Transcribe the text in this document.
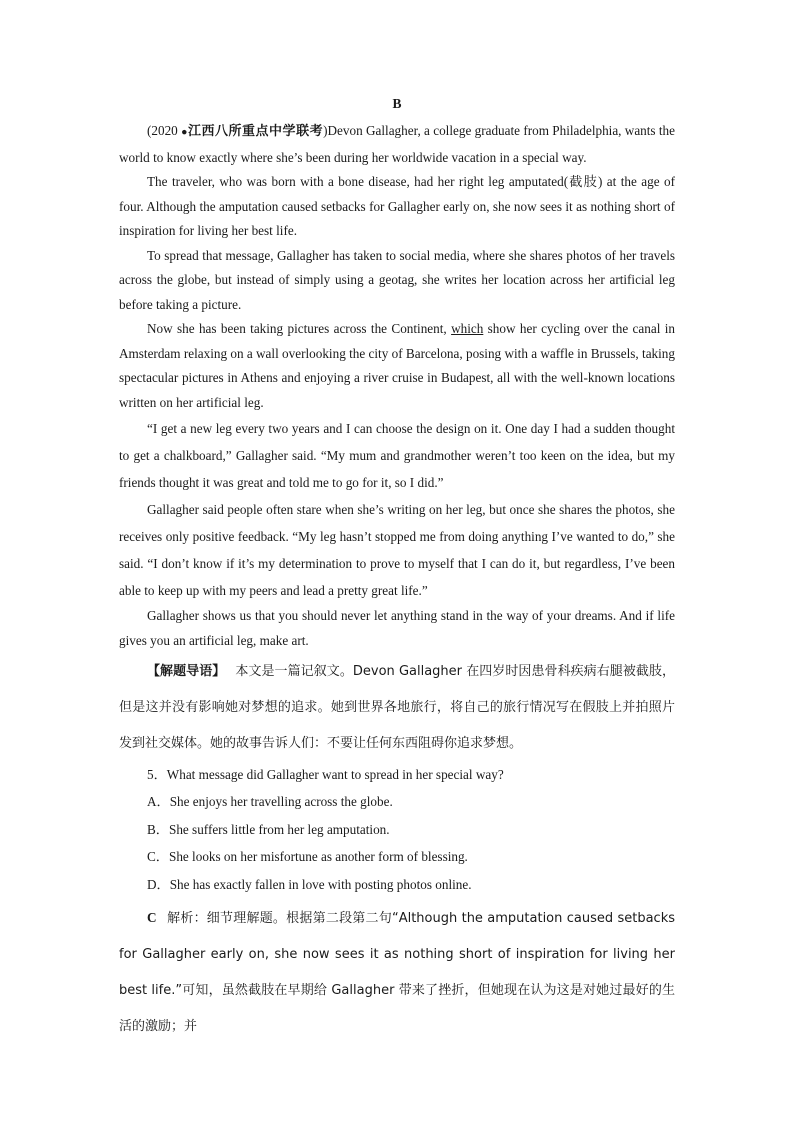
B

(2020 ●江西八所重点中学联考)Devon Gallagher, a college graduate from Philadelphia, wants the world to know exactly where she’s been during her worldwide vacation in a special way.

The traveler, who was born with a bone disease, had her right leg amputated(截肢) at the age of four. Although the amputation caused setbacks for Gallagher early on, she now sees it as nothing short of inspiration for living her best life.

To spread that message, Gallagher has taken to social media, where she shares photos of her travels across the globe, but instead of simply using a geotag, she writes her location across her artificial leg before taking a picture.

Now she has been taking pictures across the Continent, which show her cycling over the canal in Amsterdam relaxing on a wall overlooking the city of Barcelona, posing with a waffle in Brussels, taking spectacular pictures in Athens and enjoying a river cruise in Budapest, all with the well-known locations written on her artificial leg.

“I get a new leg every two years and I can choose the design on it. One day I had a sudden thought to get a chalkboard,” Gallagher said. “My mum and grandmother weren’t too keen on the idea, but my friends thought it was great and told me to go for it, so I did.”

Gallagher said people often stare when she’s writing on her leg, but once she shares the photos, she receives only positive feedback. “My leg hasn’t stopped me from doing anything I’ve wanted to do,” she said. “I don’t know if it’s my determination to prove to myself that I can do it, but regardless, I’ve been able to keep up with my peers and lead a pretty great life.”

Gallagher shows us that you should never let anything stand in the way of your dreams. And if life gives you an artificial leg, make art.

【解题导语】 本文是一篇记叙文。Devon Gallagher 在四岁时因患骨科疾病右腿被截肢，但是这并没有影响她对梦想的追求。她到世界各地旅行，将自己的旅行情况写在假肢上并拍照片发到社交媒体。她的故事告诉人们：不要让任何东西阻碍你追求梦想。

5．What message did Gallagher want to spread in her special way?

A．She enjoys her travelling across the globe.

B．She suffers little from her leg amputation.

C．She looks on her misfortune as another form of blessing.

D．She has exactly fallen in love with posting photos online.

C 解析：细节理解题。根据第二段第二句“Although the amputation caused setbacks for Gallagher early on, she now sees it as nothing short of inspiration for living her best life.”可知，虽然截肢在早期给 Gallagher 带来了挫折，但她现在认为这是对她过最好的生活的激励；并
